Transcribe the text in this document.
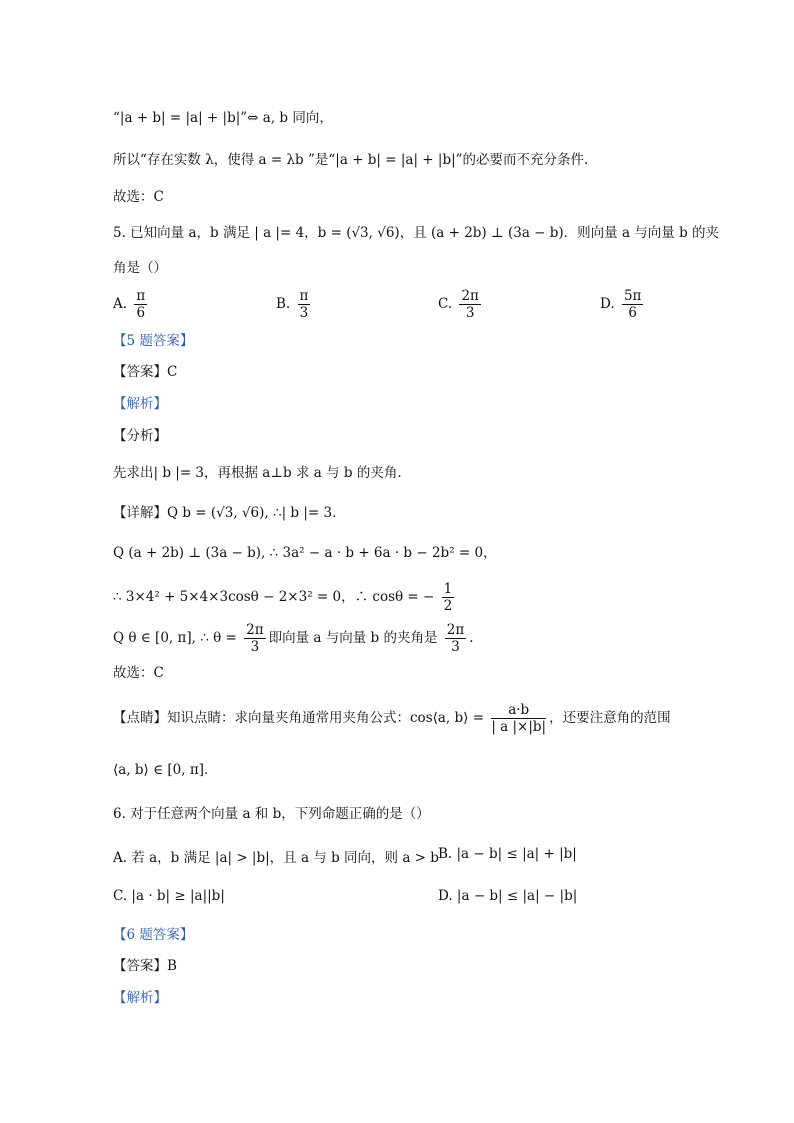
“|a + b| = |a| + |b|”⇔ a, b 同向，
所以“存在实数 λ，使得 a = λb ”是“|a + b| = |a| + |b|”的必要而不充分条件.
故选：C
5. 已知向量 a，b 满足 | a |= 4，b = (√3, √6)，且 (a + 2b) ⊥ (3a − b)．则向量 a 与向量 b 的夹
角是（）
A. $\frac{\pi}{6}$	B. $\frac{\pi}{3}$	C. $\frac{2\pi}{3}$	D. $\frac{5\pi}{6}$
【5 题答案】
【答案】C
【解析】
【分析】
先求出| b |= 3，再根据 a⊥b 求 a 与 b 的夹角.
【详解】Q b = (√3, √6), ∴| b |= 3．
Q (a + 2b) ⊥ (3a − b), ∴ 3a² − a · b + 6a · b − 2b² = 0，
∴ 3×4² + 5×4×3cosθ − 2×3² = 0，∴ cosθ = − $\frac{1}{2}$
Q θ ∈ [0, π], ∴ $\theta = \frac{2\pi}{3}$ 即向量 a 与向量 b 的夹角是 $\frac{2\pi}{3}$ .
故选：C
【点睛】知识点睛：求向量夹角通常用夹角公式：cos⟨a, b⟩ = $\frac{a\cdot b}{| a |\times|b|}$ ，还要注意角的范围
⟨a, b⟩ ∈ [0, π]．
6. 对于任意两个向量 a 和 b，下列命题正确的是（）
A. 若 a，b 满足 |a| > |b|，且 a 与 b 同向，则 a > b B. |a − b| ≤ |a| + |b|
C. |a · b| ≥ |a||b|	D. |a − b| ≤ |a| − |b|
【6 题答案】
【答案】B
【解析】
